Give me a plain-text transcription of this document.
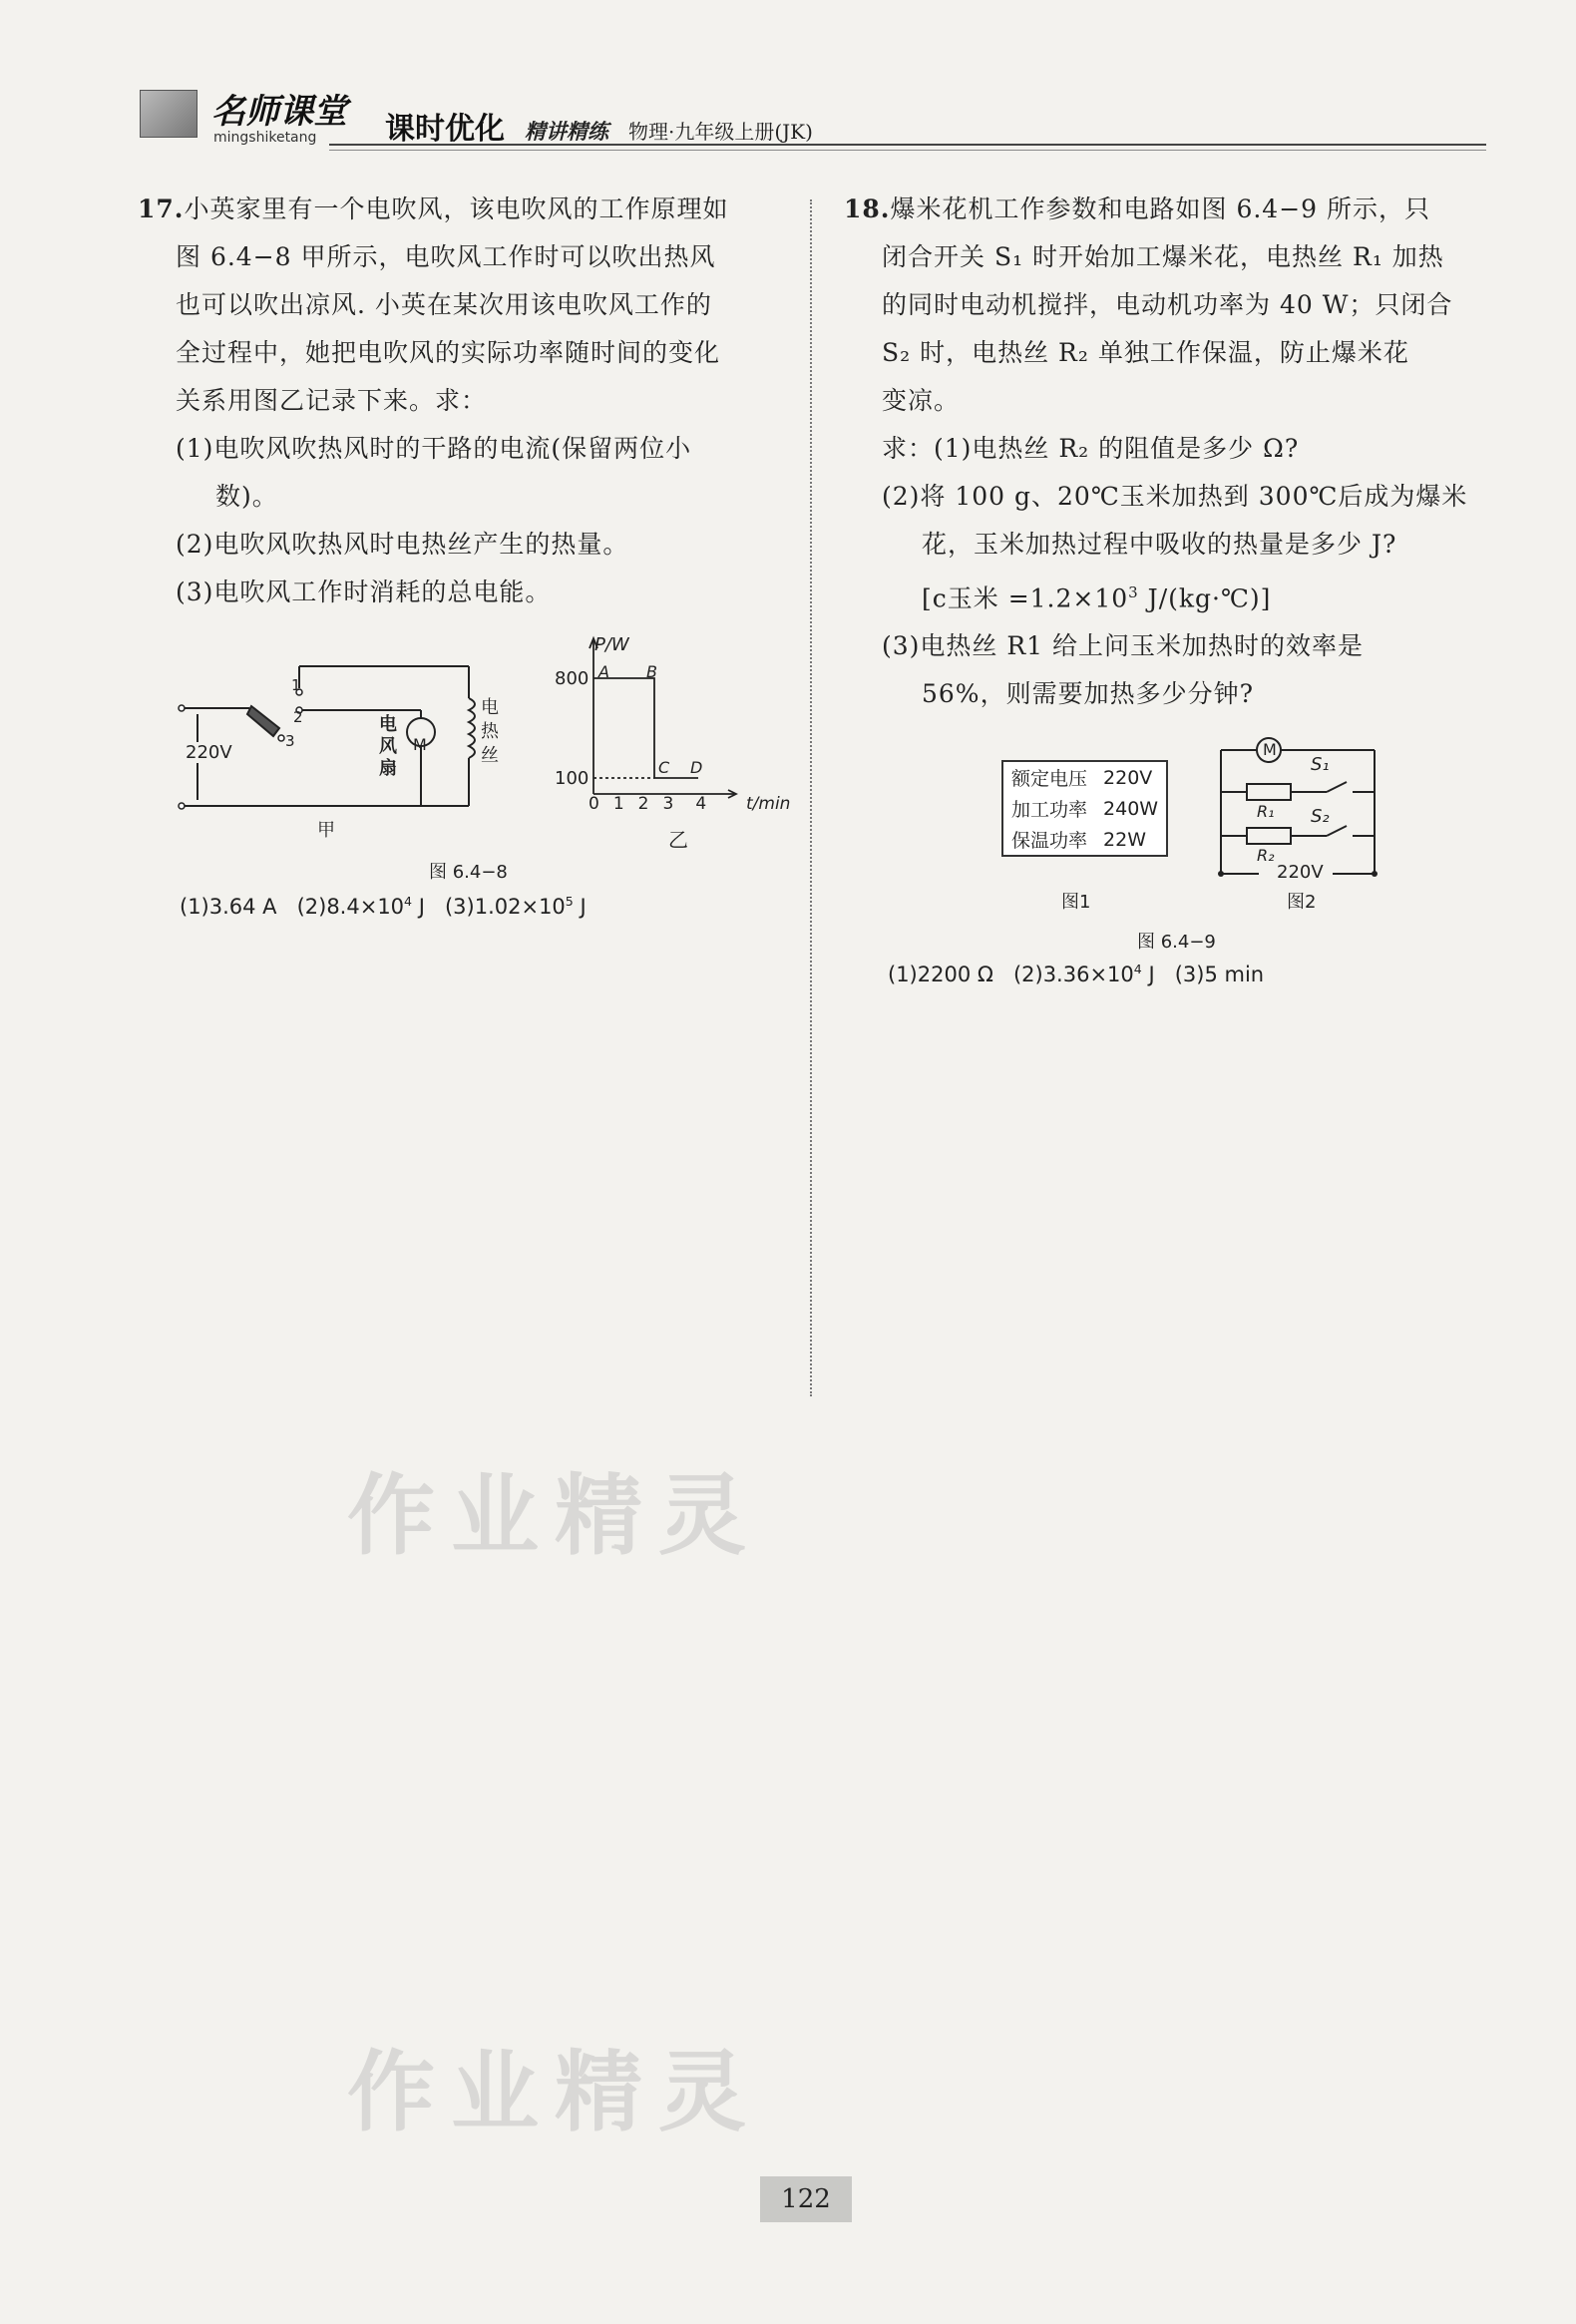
名师课堂
mingshiketang 课时优化 精讲精练 物理·九年级上册(JK)
17.小英家里有一个电吹风，该电吹风的工作原理如
图 6.4−8 甲所示，电吹风工作时可以吹出热风
也可以吹出凉风. 小英在某次用该电吹风工作的
全过程中，她把电吹风的实际功率随时间的变化
关系用图乙记录下来。求：
(1)电吹风吹热风时的干路的电流(保留两位小
数)。
(2)电吹风吹热风时电热丝产生的热量。
(3)电吹风工作时消耗的总电能。
220V
1
2
3	M
电
风
扇
电
热
丝
甲
P/W
800
100
A B
C D
0 1 2 3 4 t/min
乙
图 6.4−8
(1)3.64 A $(2)8.4\times 10^4$ J $(3)1.02\times 10^5$ J
18.爆米花机工作参数和电路如图 6.4−9 所示，只
闭合开关 S₁ 时开始加工爆米花，电热丝 R₁ 加热
的同时电动机搅拌，电动机功率为 40 W；只闭合
S₂ 时，电热丝 R₂ 单独工作保温，防止爆米花
变凉。
求：(1)电热丝 R₂ 的阻值是多少 Ω?
(2)将 100 g、20℃玉米加热到 300℃后成为爆米
花，玉米加热过程中吸收的热量是多少 J?
[c玉米 $=1.2\times 10^3$ J/(kg·℃)]
(3)电热丝 R1 给上问玉米加热时的效率是
56%，则需要加热多少分钟?
额定电压	220V
加工功率	240W
保温功率	22W
图1
M
S₁
S₂
R₁
R₂
220V
图2
图 6.4−9
(1)2200 Ω $(2)3.36\times 10^4$ J (3)5 min
作业精灵
作业精灵
122
